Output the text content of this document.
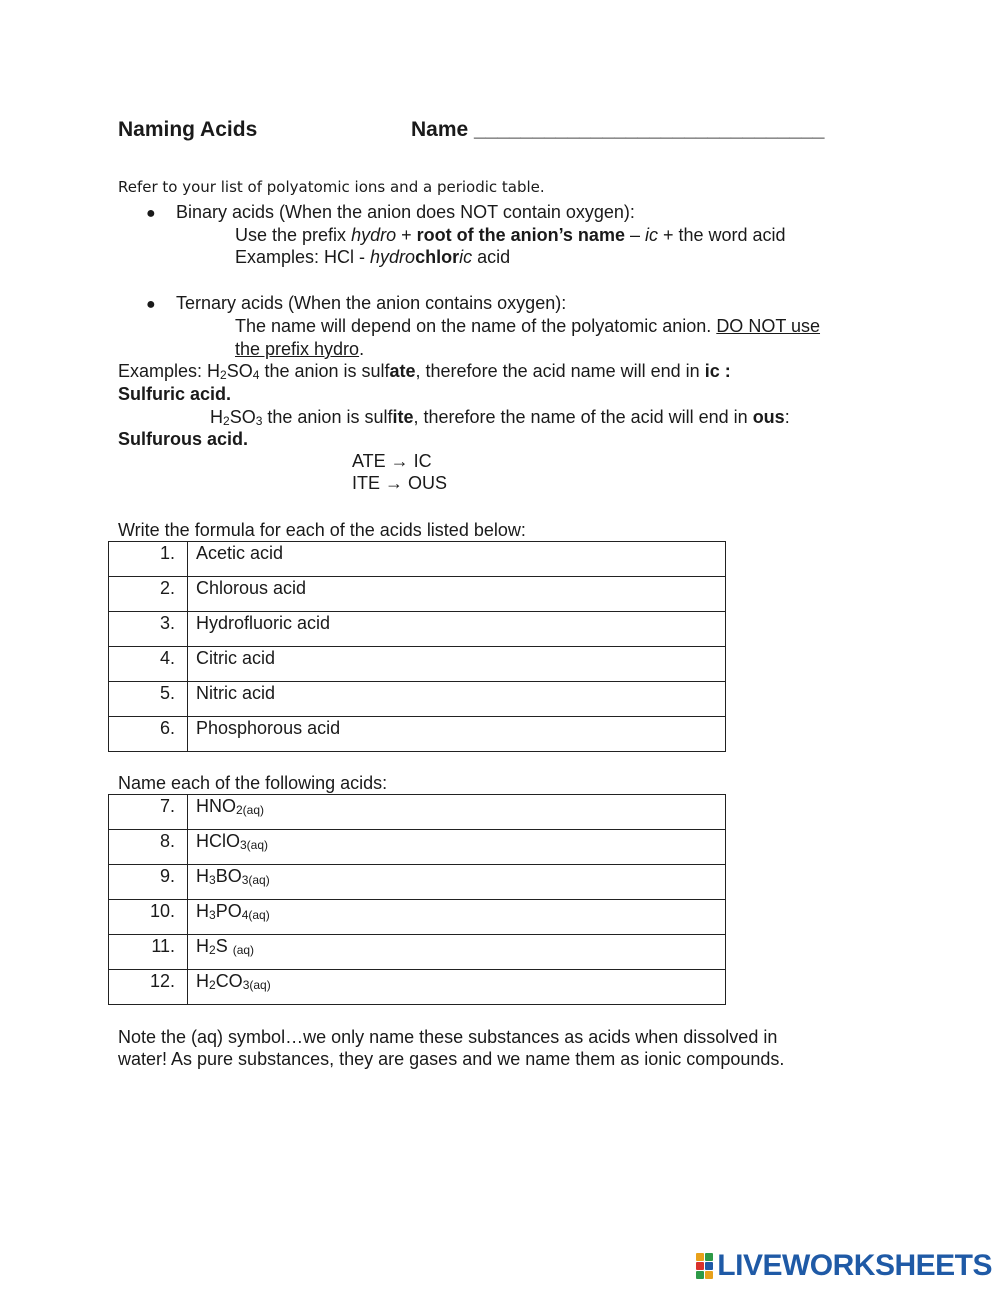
Naming Acids	Name ______________________________
Refer to your list of polyatomic ions and a periodic table.
● Binary acids (When the anion does NOT contain oxygen):
Use the prefix hydro + root of the anion’s name – ic + the word acid
Examples: HCl - hydrochloric acid
● Ternary acids (When the anion contains oxygen):
The name will depend on the name of the polyatomic anion. DO NOT use
the prefix hydro.
Examples: $H_2SO_4$ the anion is sulfate, therefore the acid name will end in ic :
Sulfuric acid.
$H_2SO_3$ the anion is sulfite, therefore the name of the acid will end in ous:
Sulfurous acid.
ATE → IC
ITE → OUS
Write the formula for each of the acids listed below:
1.	Acetic acid
2.	Chlorous acid
3.	Hydrofluoric acid
4.	Citric acid
5.	Nitric acid
6.	Phosphorous acid
Name each of the following acids:
7.	$HNO_{2(aq)}$
8.	HClO$_{3(aq)}$
9.	$H_3BO_{3(aq)}$
10.	$H_3PO_{4(aq)}$
11.	$H_2S$ $_{(aq)}$
12.	$H_2CO_{3(aq)}$
Note the (aq) symbol…we only name these substances as acids when dissolved in
water! As pure substances, they are gases and we name them as ionic compounds.
LIVEWORKSHEETS
